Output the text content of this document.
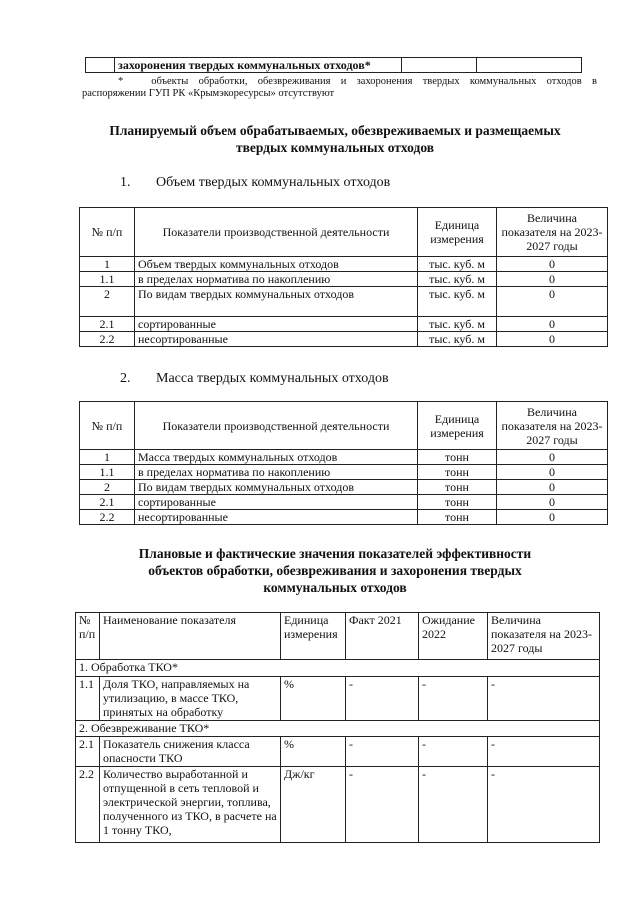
	захоронения твердых коммунальных отходов*		
*	объекты обработки, обезвреживания и захоронения твердых коммунальных отходов в
распоряжении ГУП РК «Крымэкоресурсы» отсутствуют
Планируемый объем обрабатываемых, обезвреживаемых и размещаемых
твердых коммунальных отходов
1. Объем твердых коммунальных отходов
№ п/п	Показатели производственной деятельности	Единица измерения	Величина показателя на 2023-2027 годы
1	Объем твердых коммунальных отходов	тыс. куб. м	0
1.1	в пределах норматива по накоплению	тыс. куб. м	0
2	По видам твердых коммунальных отходов	тыс. куб. м	0
2.1	сортированные	тыс. куб. м	0
2.2	несортированные	тыс. куб. м	0
2. Масса твердых коммунальных отходов
№ п/п	Показатели производственной деятельности	Единица измерения	Величина показателя на 2023-2027 годы
1	Масса твердых коммунальных отходов	тонн	0
1.1	в пределах норматива по накоплению	тонн	0
2	По видам твердых коммунальных отходов	тонн	0
2.1	сортированные	тонн	0
2.2	несортированные	тонн	0
Плановые и фактические значения показателей эффективности
объектов обработки, обезвреживания и захоронения твердых
коммунальных отходов
№ п/п	Наименование показателя	Единица измерения	Факт 2021	Ожидание 2022	Величина показателя на 2023-2027 годы
1. Обработка ТКО*					
1.1	Доля ТКО, направляемых на утилизацию, в массе ТКО, принятых на обработку	%	-	-	-
2. Обезвреживание ТКО*					
2.1	Показатель снижения класса опасности ТКО	%	-	-	-
2.2	Количество выработанной и отпущенной в сеть тепловой и электрической энергии, топлива, полученного из ТКО, в расчете на 1 тонну ТКО,	Дж/кг	-	-	-
